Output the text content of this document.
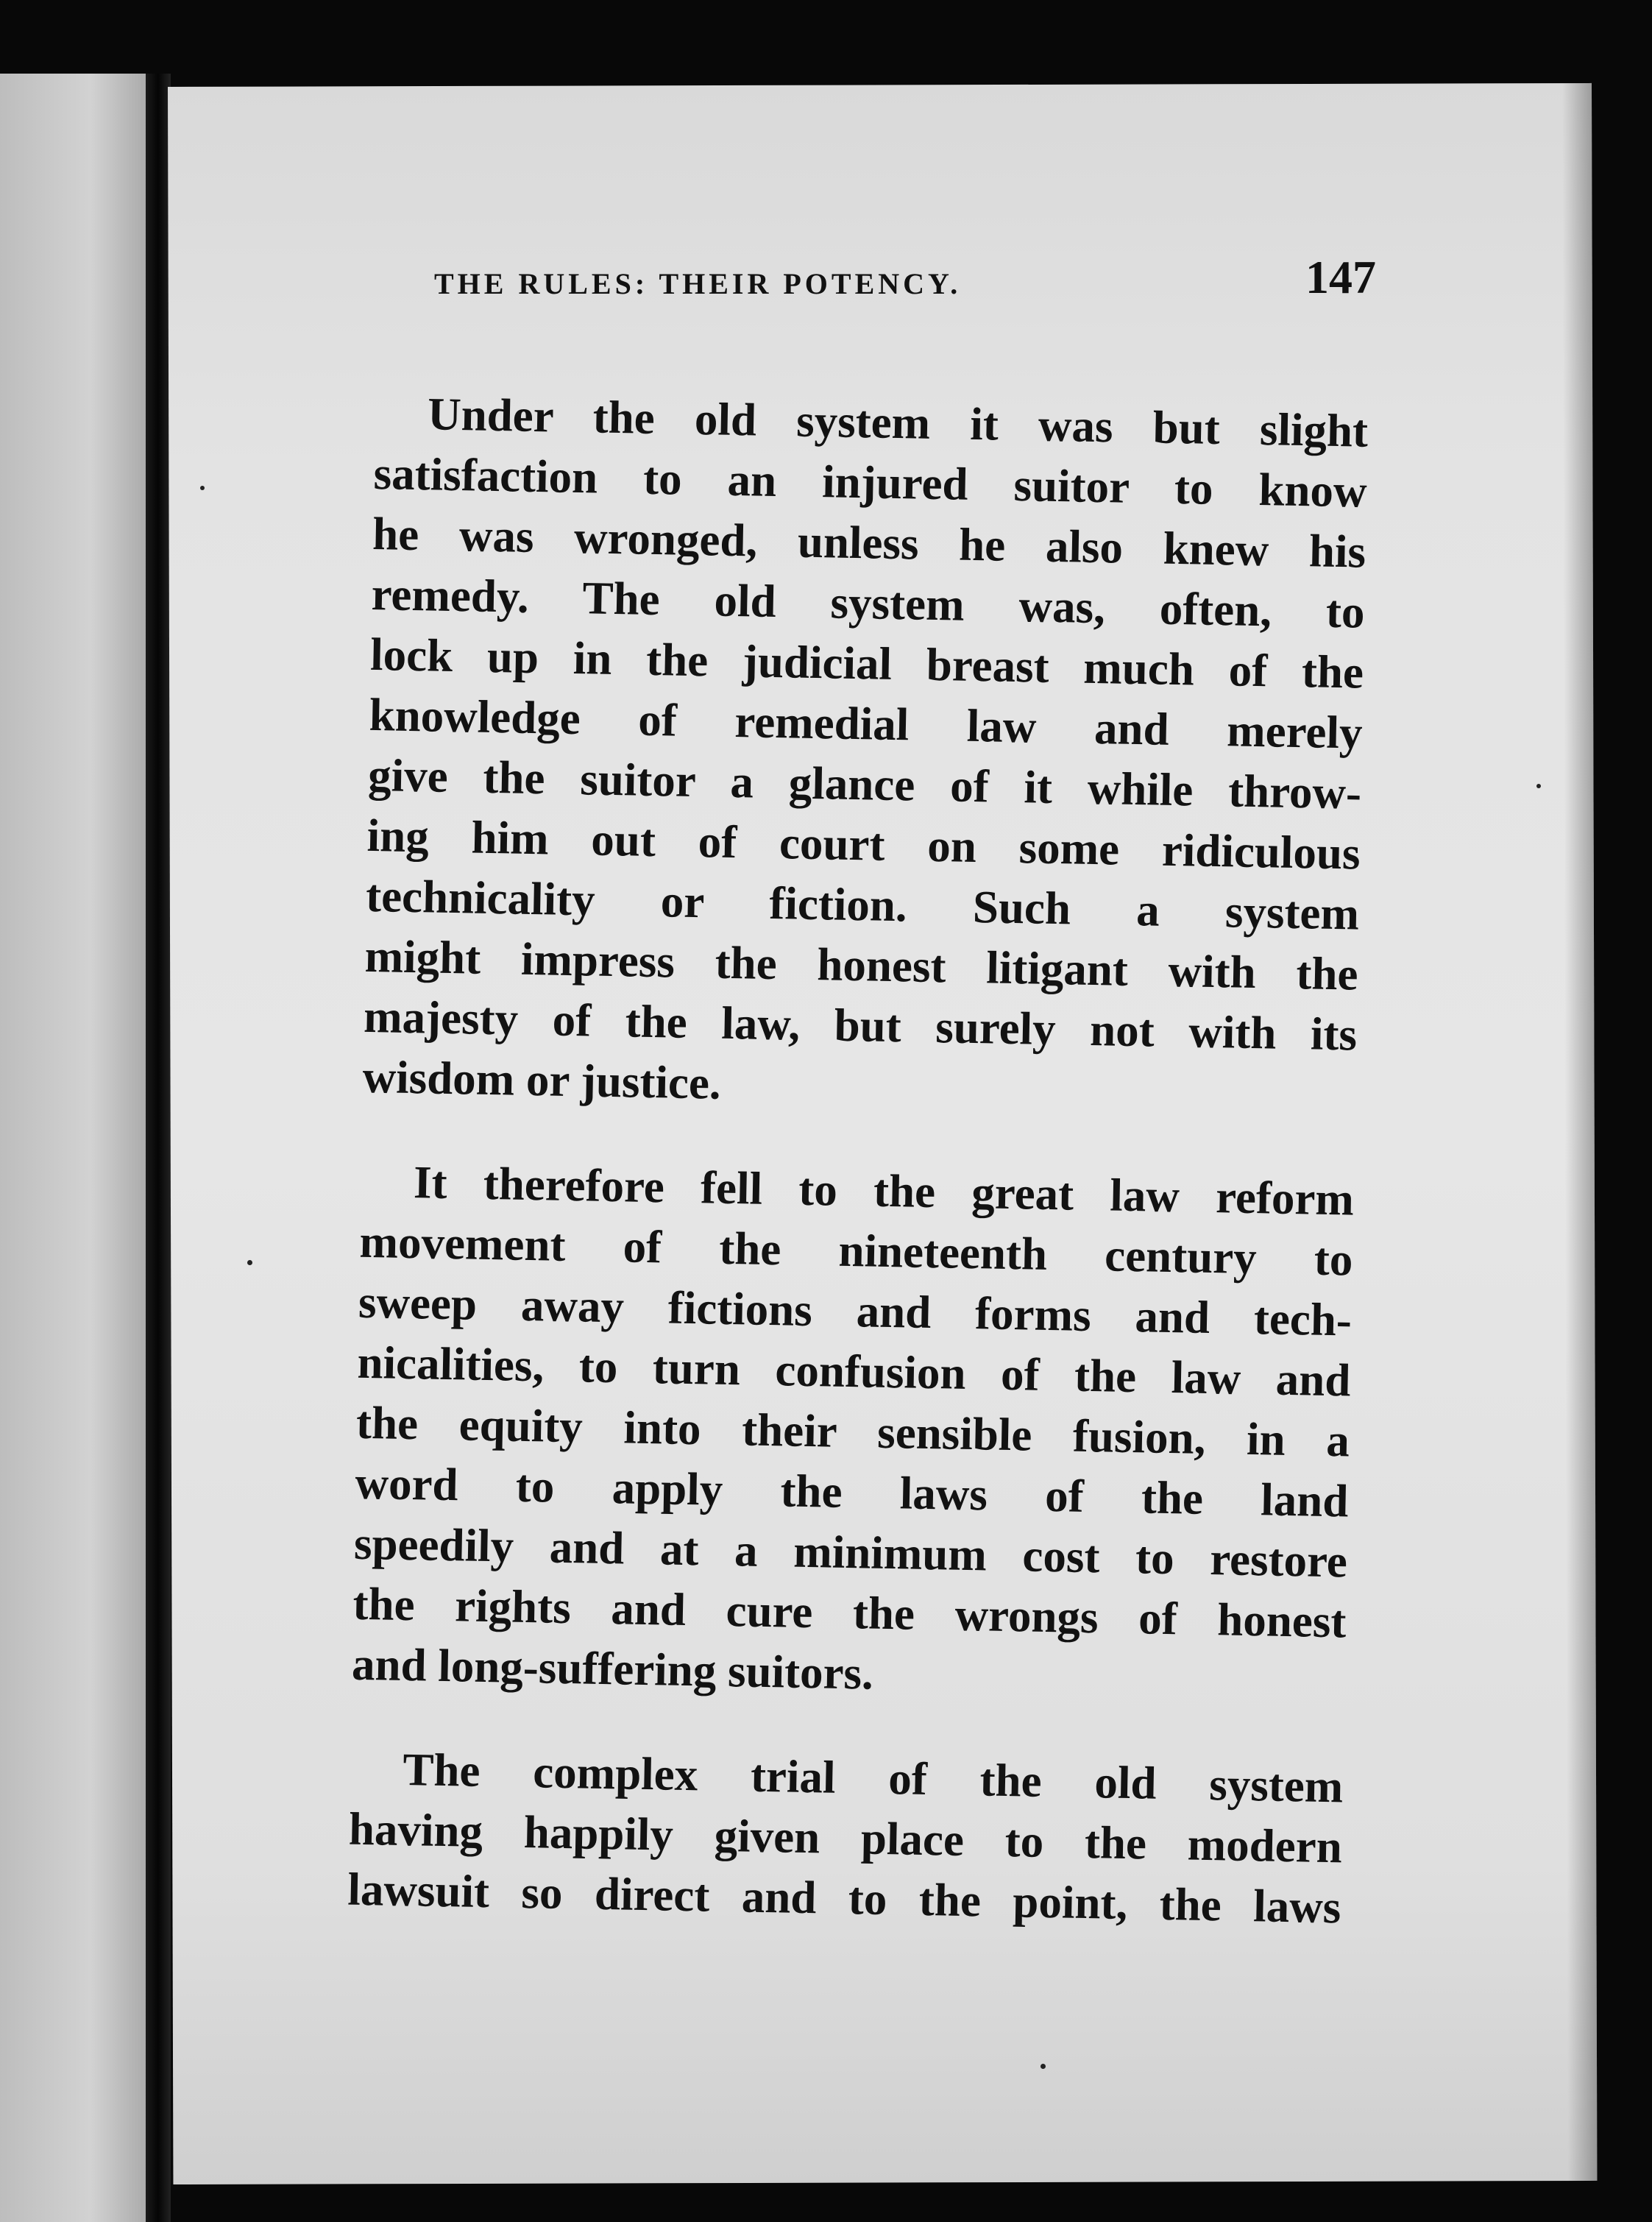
THE RULES: THEIR POTENCY.	147
Under the old system it was but slight
satisfaction to an injured suitor to know
he was wronged, unless he also knew his
remedy. The old system was, often, to
lock up in the judicial breast much of the
knowledge of remedial law and merely
give the suitor a glance of it while throw-
ing him out of court on some ridiculous
technicality or fiction. Such a system
might impress the honest litigant with the
majesty of the law, but surely not with its
wisdom or justice.
It therefore fell to the great law reform
movement of the nineteenth century to
sweep away fictions and forms and tech-
nicalities, to turn confusion of the law and
the equity into their sensible fusion, in a
word to apply the laws of the land
speedily and at a minimum cost to restore
the rights and cure the wrongs of honest
and long-suffering suitors.
The complex trial of the old system
having happily given place to the modern
lawsuit so direct and to the point, the laws
